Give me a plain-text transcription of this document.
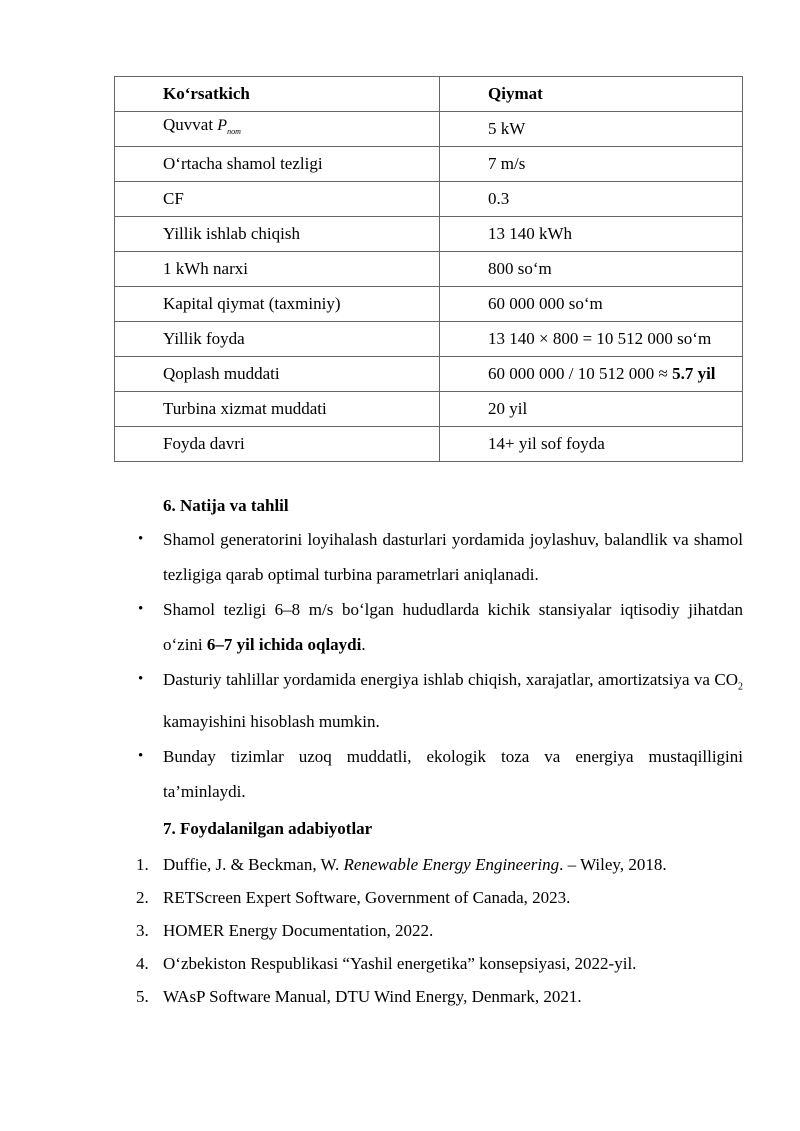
Ko‘rsatkich	Qiymat
Quvvat $P_{nom}$	5 kW
O‘rtacha shamol tezligi	7 m/s
CF	0.3
Yillik ishlab chiqish	13 140 kWh
1 kWh narxi	800 so‘m
Kapital qiymat (taxminiy)	60 000 000 so‘m
Yillik foyda	13 140 × 800 = 10 512 000 so‘m
Qoplash muddati	60 000 000 / 10 512 000 ≈ 5.7 yil
Turbina xizmat muddati	20 yil
Foyda davri	14+ yil sof foyda
6. Natija va tahlil
• Shamol generatorini loyihalash dasturlari yordamida joylashuv, balandlik va shamol tezligiga qarab optimal turbina parametrlari aniqlanadi.
• Shamol tezligi 6–8 m/s bo‘lgan hududlarda kichik stansiyalar iqtisodiy jihatdan o‘zini 6–7 yil ichida oqlaydi.
• Dasturiy tahlillar yordamida energiya ishlab chiqish, xarajatlar, amortizatsiya va $CO_2$ kamayishini hisoblash mumkin.
• Bunday tizimlar uzoq muddatli, ekologik toza va energiya mustaqilligini ta’minlaydi.
7. Foydalanilgan adabiyotlar
1. Duffie, J. & Beckman, W. Renewable Energy Engineering. – Wiley, 2018.
2. RETScreen Expert Software, Government of Canada, 2023.
3. HOMER Energy Documentation, 2022.
4. O‘zbekiston Respublikasi “Yashil energetika” konsepsiyasi, 2022-yil.
5. WAsP Software Manual, DTU Wind Energy, Denmark, 2021.
